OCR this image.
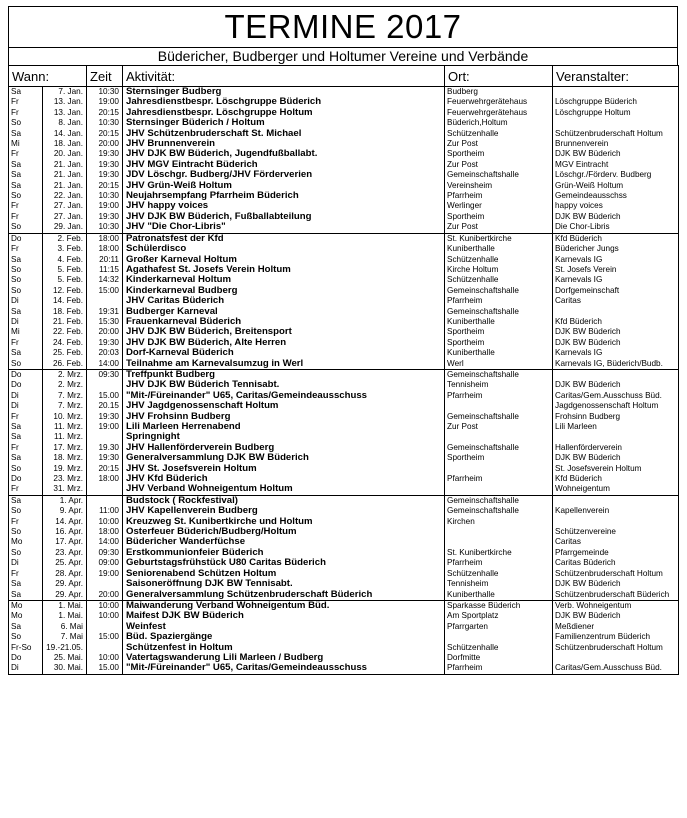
TERMINE 2017
Büdericher, Budberger und Holtumer Vereine und Verbände
Wann:		Zeit	Aktivität:	Ort:	Veranstalter:
Sa	7. Jan.	10:30	Sternsinger Budberg	Budberg	
Fr	13. Jan.	19:00	Jahresdienstbespr. Löschgruppe Büderich	Feuerwehrgerätehaus	Löschgruppe Büderich
Fr	13. Jan.	20:15	Jahresdienstbespr. Löschgruppe Holtum	Feuerwehrgerätehaus	Löschgruppe Holtum
So	8. Jan.	10:30	Sternsinger Büderich / Holtum	Büderich,Holtum	
Sa	14. Jan.	20:15	JHV Schützenbruderschaft St. Michael	Schützenhalle	Schützenbruderschaft Holtum
Mi	18. Jan.	20:00	JHV Brunnenverein	Zur Post	Brunnenverein
Fr	20. Jan.	19:30	JHV DJK BW Büderich, Jugendfußballabt.	Sportheim	DJK BW Büderich
Sa	21. Jan.	19:30	JHV MGV Eintracht Büderich	Zur Post	MGV Eintracht
Sa	21. Jan.	19:30	JDV Löschgr. Budberg/JHV Förderverien	Gemeinschaftshalle	Löschgr./Förderv. Budberg
Sa	21. Jan.	20:15	JHV Grün-Weiß Holtum	Vereinsheim	Grün-Weiß Holtum
So	22. Jan.	10:30	Neujahrsempfang Pfarrheim Büderich	Pfarrheim	Gemeindeausschss
Fr	27. Jan.	19:00	JHV happy voices	Werlinger	happy voices
Fr	27. Jan.	19:30	JHV DJK BW Büderich, Fußballabteilung	Sportheim	DJK BW Büderich
So	29. Jan.	10:30	JHV "Die Chor-Libris"	Zur Post	Die Chor-Libris
Do	2. Feb.	18:00	Patronatsfest der Kfd	St. Kunibertkirche	Kfd Büderich
Fr	3. Feb.	18:00	Schülerdisco	Kuniberthalle	Büdericher Jungs
Sa	4. Feb.	20:11	Großer Karneval Holtum	Schützenhalle	Karnevals IG
So	5. Feb.	11:15	Agathafest St. Josefs Verein Holtum	Kirche Holtum	St. Josefs Verein
So	5. Feb.	14:32	Kinderkarneval Holtum	Schützenhalle	Karnevals IG
So	12. Feb.	15:00	Kinderkarneval Budberg	Gemeinschaftshalle	Dorfgemeinschaft
Di	14. Feb.		JHV Caritas Büderich	Pfarrheim	Caritas
Sa	18. Feb.	19:31	Budberger Karneval	Gemeinschaftshalle	
Di	21. Feb.	15:30	Frauenkarneval Büderich	Kuniberthalle	Kfd Büderich
Mi	22. Feb.	20:00	JHV DJK BW Büderich, Breitensport	Sportheim	DJK BW Büderich
Fr	24. Feb.	19:30	JHV DJK BW Büderich, Alte Herren	Sportheim	DJK BW Büderich
Sa	25. Feb.	20:03	Dorf-Karneval Büderich	Kuniberthalle	Karnevals IG
So	26. Feb.	14:00	Teilnahme am Karnevalsumzug in Werl	Werl	Karnevals IG, Büderich/Budb.
Do	2. Mrz.	09:30	Treffpunkt Budberg	Gemeinschaftshalle	
Do	2. Mrz.		JHV DJK BW Büderich Tennisabt.	Tennisheim	DJK BW Büderich
Di	7. Mrz.	15.00	"Mit-/Füreinander" Ü65, Caritas/Gemeindeausschuss	Pfarrheim	Caritas/Gem.Ausschuss Büd.
Di	7. Mrz.	20.15	JHV Jagdgenossenschaft Holtum		Jagdgenossenschaft Holtum
Fr	10. Mrz.	19:30	JHV Frohsinn Budberg	Gemeinschaftshalle	Frohsinn Budberg
Sa	11. Mrz.	19:00	Lili Marleen Herrenabend	Zur Post	Lili Marleen
Sa	11. Mrz.		Springnight		
Fr	17. Mrz.	19.30	JHV Hallenförderverein Budberg	Gemeinschaftshalle	Hallenförderverein
Sa	18. Mrz.	19:30	Generalversammlung DJK BW Büderich	Sportheim	DJK BW Büderich
So	19. Mrz.	20:15	JHV St. Josefsverein Holtum		St. Josefsverein Holtum
Do	23. Mrz.	18:00	JHV Kfd Büderich	Pfarrheim	Kfd Büderich
Fr	31. Mrz.		JHV Verband Wohneigentum Holtum		Wohneigentum
Sa	1. Apr.		Budstock ( Rockfestival)	Gemeinschaftshalle	
So	9. Apr.	11:00	JHV Kapellenverein Budberg	Gemeinschaftshalle	Kapellenverein
Fr	14. Apr.	10:00	Kreuzweg St. Kunibertkirche und Holtum	Kirchen	
So	16. Apr.	18:00	Osterfeuer Büderich/Budberg/Holtum		Schützenvereine
Mo	17. Apr.	14:00	Büdericher Wanderfüchse		Caritas
So	23. Apr.	09:30	Erstkommunionfeier Büderich	St. Kunibertkirche	Pfarrgemeinde
Di	25. Apr.	09:00	Geburtstagsfrühstück Ü80 Caritas Büderich	Pfarrheim	Caritas Büderich
Fr	28. Apr.	19:00	Seniorenabend Schützen Holtum	Schützenhalle	Schützenbruderschaft Holtum
Sa	29. Apr.		Saisoneröffnung DJK BW Tennisabt.	Tennisheim	DJK BW Büderich
Sa	29. Apr.	20:00	Generalversammlung Schützenbruderschaft Büderich	Kuniberthalle	Schützenbruderschaft Büderich
Mo	1. Mai.	10:00	Maiwanderung Verband Wohneigentum Büd.	Sparkasse Büderich	Verb. Wohneigentum
Mo	1. Mai.	10:00	Maifest DJK BW Büderich	Am Sportplatz	DJK BW Büderich
Sa	6. Mai		Weinfest	Pfarrgarten	Meßdiener
So	7. Mai	15:00	Büd. Spaziergänge		Familienzentrum Büderich
Fr-So	19.-21.05.		Schützenfest in Holtum	Schützenhalle	Schützenbruderschaft Holtum
Do	25. Mai.	10:00	Vatertagswanderung Lili Marleen / Budberg	Dorfmitte	
Di	30. Mai.	15.00	"Mit-/Füreinander" Ü65, Caritas/Gemeindeausschuss	Pfarrheim	Caritas/Gem.Ausschuss Büd.
